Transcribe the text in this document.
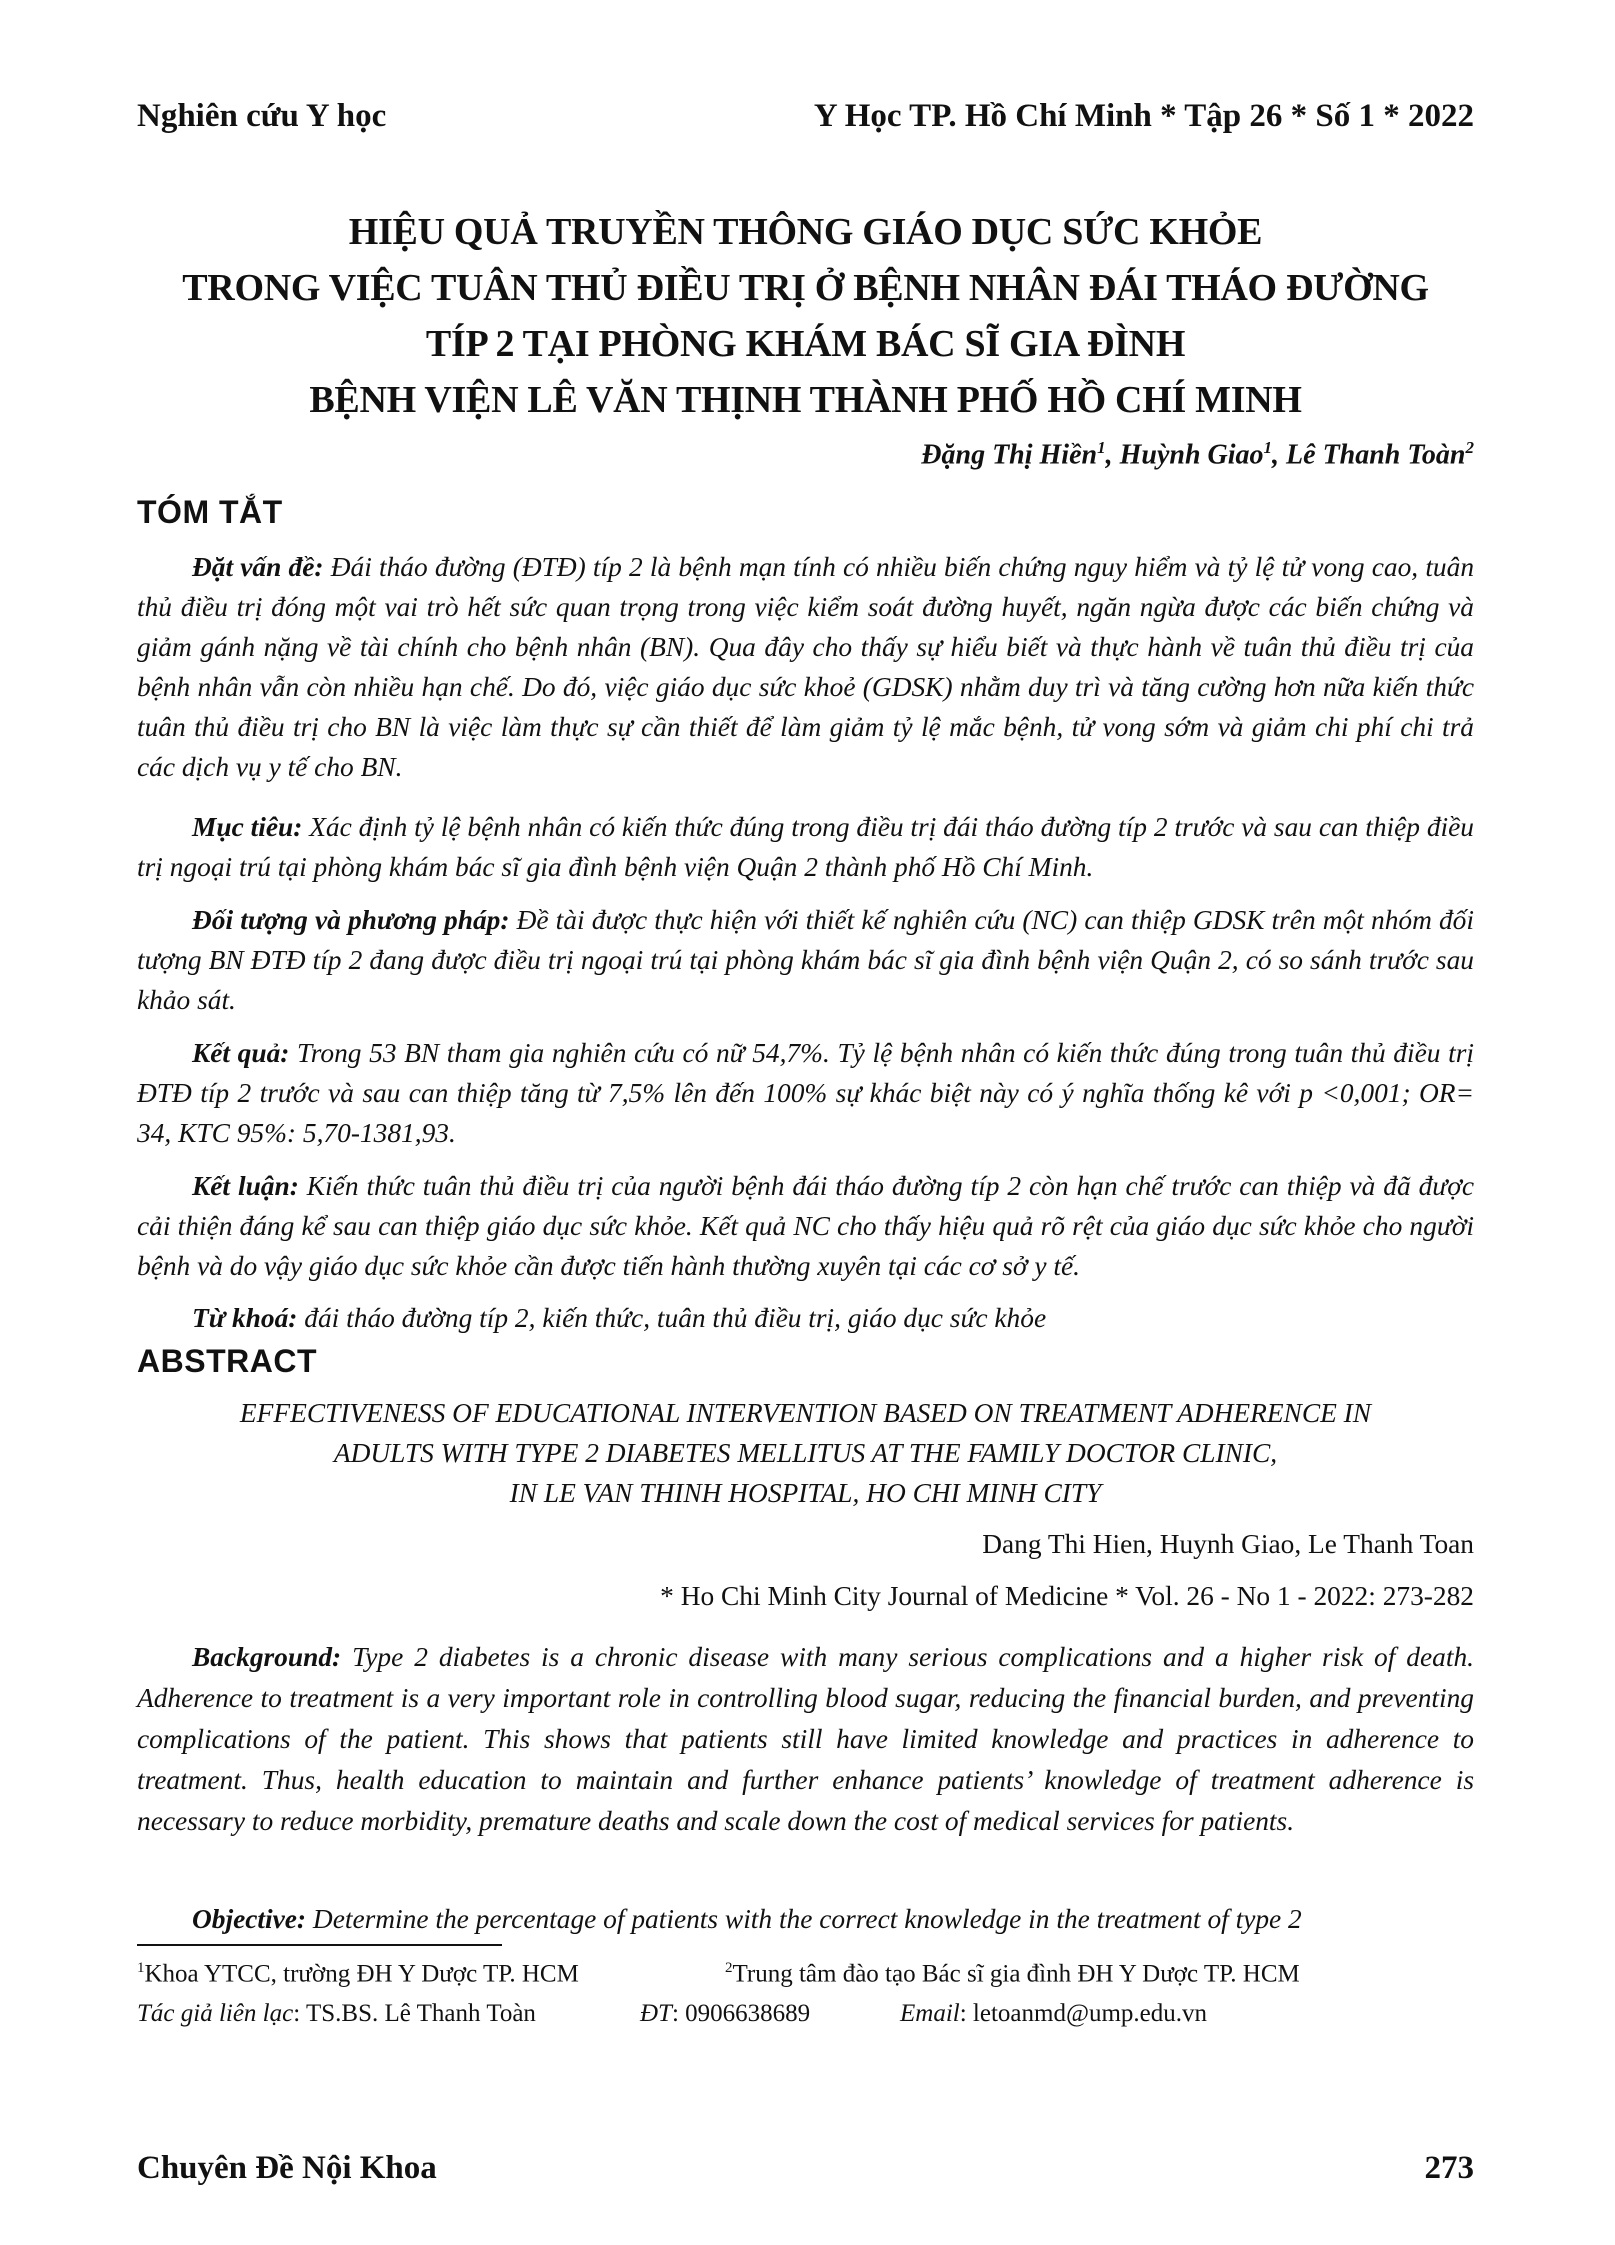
Nghiên cứu Y học	Y Học TP. Hồ Chí Minh * Tập 26 * Số 1 * 2022
HIỆU QUẢ TRUYỀN THÔNG GIÁO DỤC SỨC KHỎE
TRONG VIỆC TUÂN THỦ ĐIỀU TRỊ Ở BỆNH NHÂN ĐÁI THÁO ĐƯỜNG
TÍP 2 TẠI PHÒNG KHÁM BÁC SĨ GIA ĐÌNH
BỆNH VIỆN LÊ VĂN THỊNH THÀNH PHỐ HỒ CHÍ MINH
Đặng Thị Hiền$^1$, Huỳnh Giao$^1$, Lê Thanh Toàn$^2$
TÓM TẮT
Đặt vấn đề: Đái tháo đường (ĐTĐ) típ 2 là bệnh mạn tính có nhiều biến chứng nguy hiểm và tỷ lệ tử vong cao, tuân thủ điều trị đóng một vai trò hết sức quan trọng trong việc kiểm soát đường huyết, ngăn ngừa được các biến chứng và giảm gánh nặng về tài chính cho bệnh nhân (BN). Qua đây cho thấy sự hiểu biết và thực hành về tuân thủ điều trị của bệnh nhân vẫn còn nhiều hạn chế. Do đó, việc giáo dục sức khoẻ (GDSK) nhằm duy trì và tăng cường hơn nữa kiến thức tuân thủ điều trị cho BN là việc làm thực sự cần thiết để làm giảm tỷ lệ mắc bệnh, tử vong sớm và giảm chi phí chi trả các dịch vụ y tế cho BN.
Mục tiêu: Xác định tỷ lệ bệnh nhân có kiến thức đúng trong điều trị đái tháo đường típ 2 trước và sau can thiệp điều trị ngoại trú tại phòng khám bác sĩ gia đình bệnh viện Quận 2 thành phố Hồ Chí Minh.
Đối tượng và phương pháp: Đề tài được thực hiện với thiết kế nghiên cứu (NC) can thiệp GDSK trên một nhóm đối tượng BN ĐTĐ típ 2 đang được điều trị ngoại trú tại phòng khám bác sĩ gia đình bệnh viện Quận 2, có so sánh trước sau khảo sát.
Kết quả: Trong 53 BN tham gia nghiên cứu có nữ 54,7%. Tỷ lệ bệnh nhân có kiến thức đúng trong tuân thủ điều trị ĐTĐ típ 2 trước và sau can thiệp tăng từ 7,5% lên đến 100% sự khác biệt này có ý nghĩa thống kê với p <0,001; OR= 34, KTC 95%: 5,70-1381,93.
Kết luận: Kiến thức tuân thủ điều trị của người bệnh đái tháo đường típ 2 còn hạn chế trước can thiệp và đã được cải thiện đáng kể sau can thiệp giáo dục sức khỏe. Kết quả NC cho thấy hiệu quả rõ rệt của giáo dục sức khỏe cho người bệnh và do vậy giáo dục sức khỏe cần được tiến hành thường xuyên tại các cơ sở y tế.
Từ khoá: đái tháo đường típ 2, kiến thức, tuân thủ điều trị, giáo dục sức khỏe
ABSTRACT
EFFECTIVENESS OF EDUCATIONAL INTERVENTION BASED ON TREATMENT ADHERENCE IN
ADULTS WITH TYPE 2 DIABETES MELLITUS AT THE FAMILY DOCTOR CLINIC,
IN LE VAN THINH HOSPITAL, HO CHI MINH CITY
Dang Thi Hien, Huynh Giao, Le Thanh Toan
* Ho Chi Minh City Journal of Medicine * Vol. 26 - No 1 - 2022: 273-282
Background: Type 2 diabetes is a chronic disease with many serious complications and a higher risk of death. Adherence to treatment is a very important role in controlling blood sugar, reducing the financial burden, and preventing complications of the patient. This shows that patients still have limited knowledge and practices in adherence to treatment. Thus, health education to maintain and further enhance patients’ knowledge of treatment adherence is necessary to reduce morbidity, premature deaths and scale down the cost of medical services for patients.
Objective: Determine the percentage of patients with the correct knowledge in the treatment of type 2
$^1$Khoa YTCC, trường ĐH Y Dược TP. HCM	$^2$Trung tâm đào tạo Bác sĩ gia đình ĐH Y Dược TP. HCM
Tác giả liên lạc: TS.BS. Lê Thanh Toàn	ĐT: 0906638689	Email: letoanmd@ump.edu.vn
Chuyên Đề Nội Khoa	273
